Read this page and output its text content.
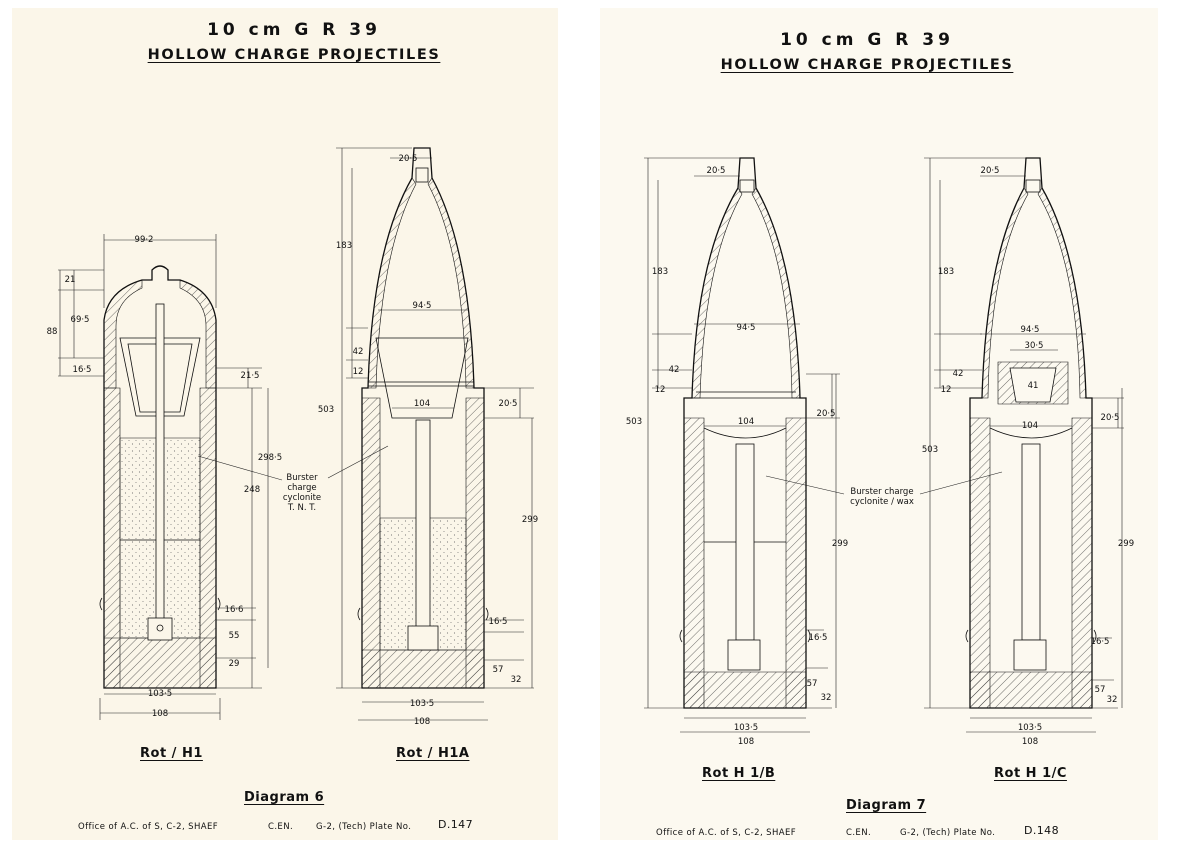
10 cm G R 39
HOLLOW CHARGE PROJECTILES
99·2
21
69·5
88
16·5
21·5
298·5
248
16·6
55
29
103·5
108
20·5
183
94·5
42
12
503
104	20·5
299
16·5
57
32
103·5
108
Burster
charge
cyclonite
T. N. T.
Rot / H1	Rot / H1A
Diagram 6
Office of A.C. of S, C-2, SHAEF	C.EN.	G-2, (Tech) Plate No. D.147
10 cm G R 39
HOLLOW CHARGE PROJECTILES
20·5
183
94·5
42
12
503	104
20·5
299
16·5
57
32
103·5
108
20·5
183
94·5
30·5
41
42
12
503
104
20·5
299
16·5
57
32
103·5
108
Burster charge
cyclonite / wax
Rot H 1/B	Rot H 1/C
Diagram 7
Office of A.C. of S, C-2, SHAEF	C.EN.	G-2, (Tech) Plate No.	D.148
